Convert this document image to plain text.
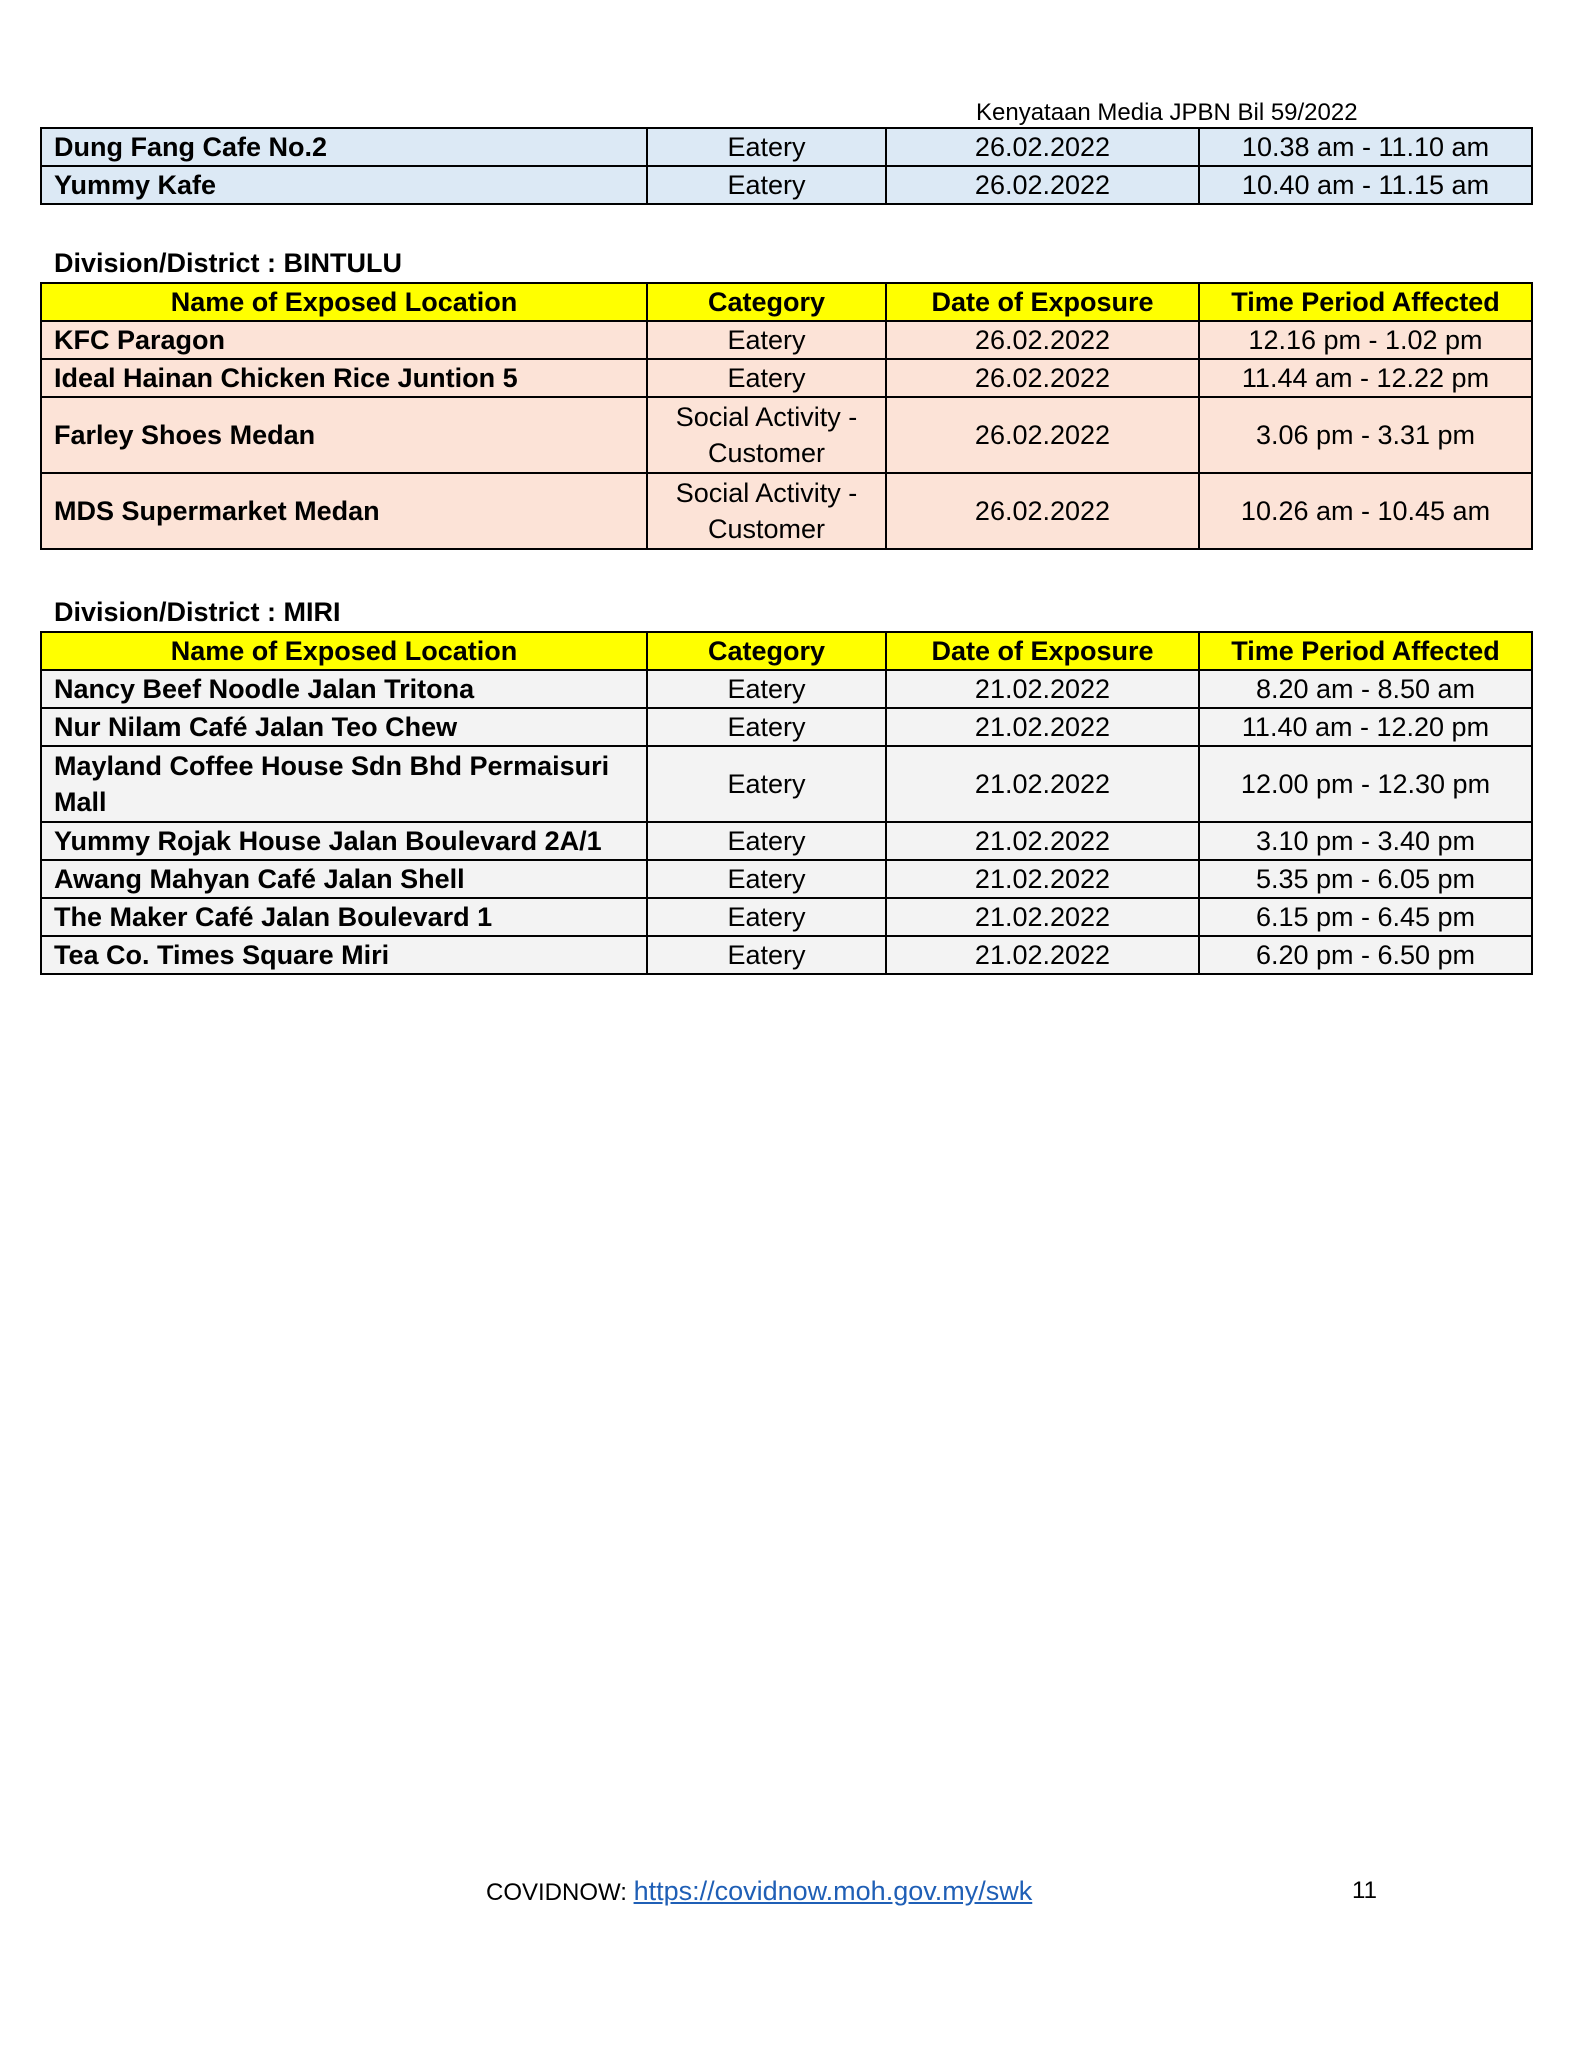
Kenyataan Media JPBN Bil 59/2022
Dung Fang Cafe No.2	Eatery	26.02.2022	10.38 am - 11.10 am
Yummy Kafe	Eatery	26.02.2022	10.40 am - 11.15 am
Division/District : BINTULU
Name of Exposed Location	Category	Date of Exposure	Time Period Affected
KFC Paragon	Eatery	26.02.2022	12.16 pm - 1.02 pm
Ideal Hainan Chicken Rice Juntion 5	Eatery	26.02.2022	11.44 am - 12.22 pm
Farley Shoes Medan	Social Activity - Customer	26.02.2022	3.06 pm - 3.31 pm
MDS Supermarket Medan	Social Activity - Customer	26.02.2022	10.26 am - 10.45 am
Division/District : MIRI
Name of Exposed Location	Category	Date of Exposure	Time Period Affected
Nancy Beef Noodle Jalan Tritona	Eatery	21.02.2022	8.20 am - 8.50 am
Nur Nilam Café Jalan Teo Chew	Eatery	21.02.2022	11.40 am - 12.20 pm
Mayland Coffee House Sdn Bhd Permaisuri Mall	Eatery	21.02.2022	12.00 pm - 12.30 pm
Yummy Rojak House Jalan Boulevard 2A/1	Eatery	21.02.2022	3.10 pm - 3.40 pm
Awang Mahyan Café Jalan Shell	Eatery	21.02.2022	5.35 pm - 6.05 pm
The Maker Café Jalan Boulevard 1	Eatery	21.02.2022	6.15 pm - 6.45 pm
Tea Co. Times Square Miri	Eatery	21.02.2022	6.20 pm - 6.50 pm
COVIDNOW: https://covidnow.moh.gov.my/swk	11
